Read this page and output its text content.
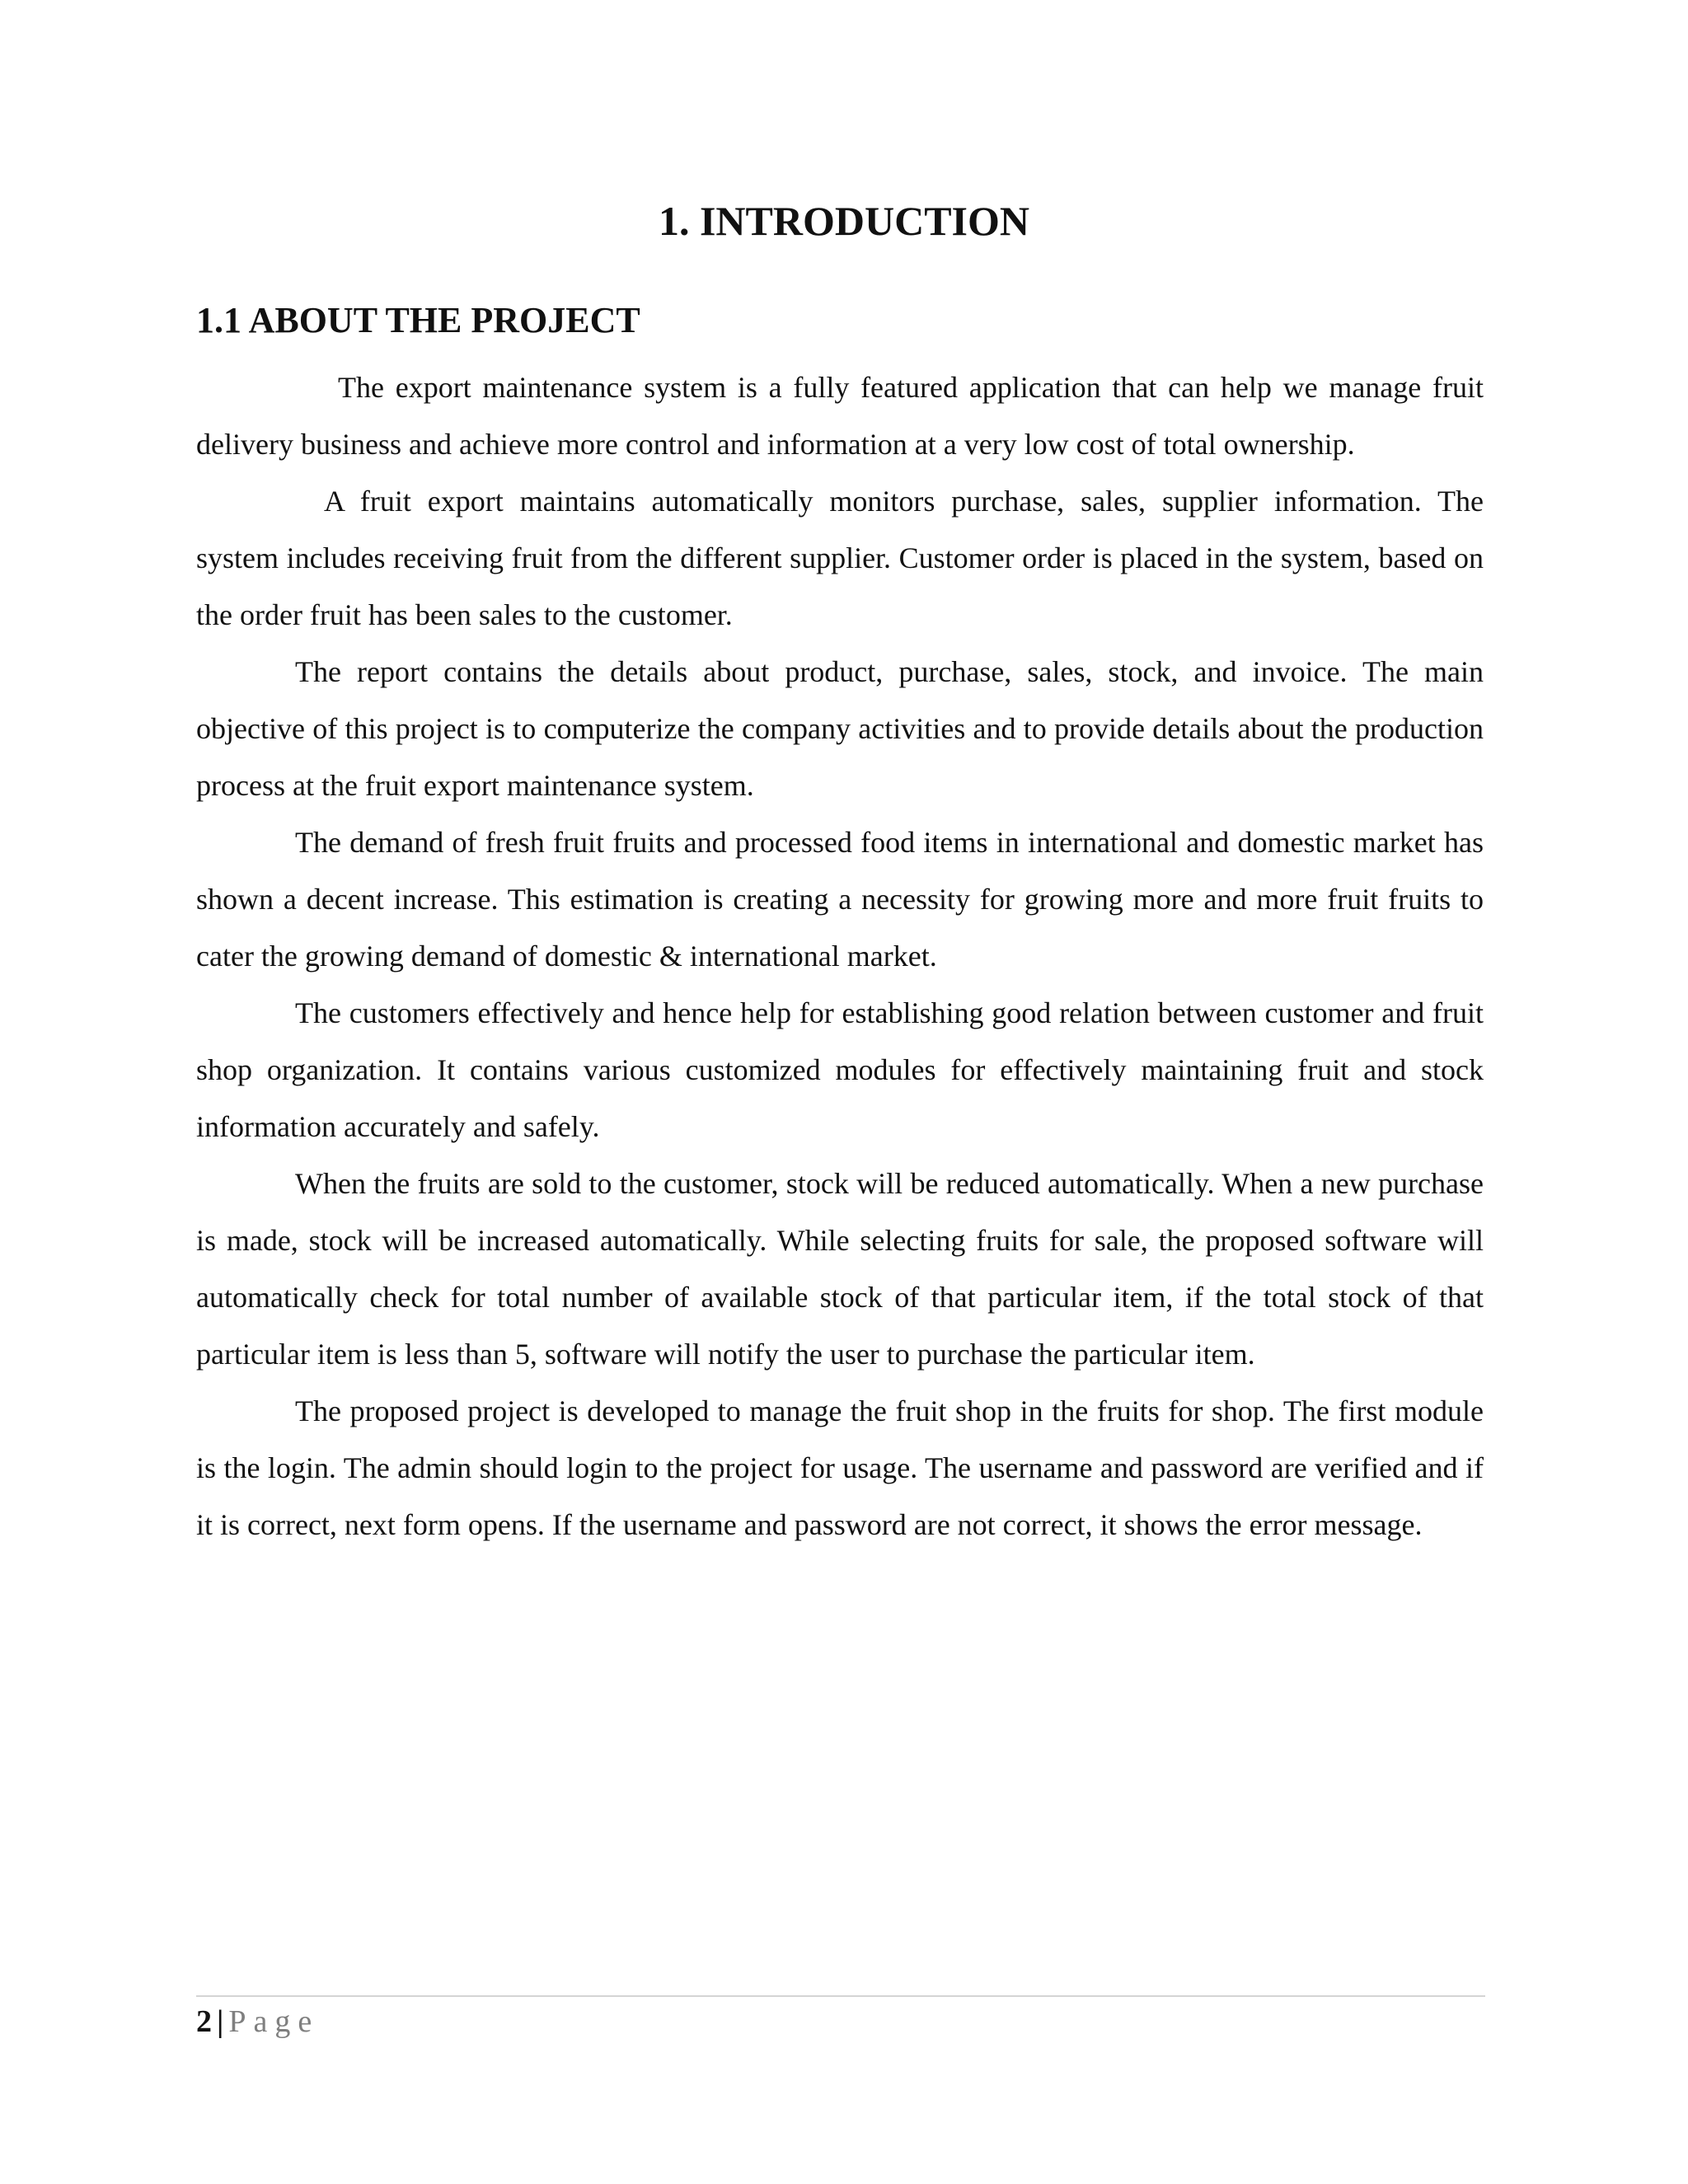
1. INTRODUCTION
1.1 ABOUT THE PROJECT

The export maintenance system is a fully featured application that can help we manage fruit delivery business and achieve more control and information at a very low cost of total ownership.

A fruit export maintains automatically monitors purchase, sales, supplier information. The system includes receiving fruit from the different supplier. Customer order is placed in the system, based on the order fruit has been sales to the customer.

The report contains the details about product, purchase, sales, stock, and invoice. The main objective of this project is to computerize the company activities and to provide details about the production process at the fruit export maintenance system.

The demand of fresh fruit fruits and processed food items in international and domestic market has shown a decent increase. This estimation is creating a necessity for growing more and more fruit fruits to cater the growing demand of domestic & international market.

The customers effectively and hence help for establishing good relation between customer and fruit shop organization. It contains various customized modules for effectively maintaining fruit and stock information accurately and safely.

When the fruits are sold to the customer, stock will be reduced automatically. When a new purchase is made, stock will be increased automatically. While selecting fruits for sale, the proposed software will automatically check for total number of available stock of that particular item, if the total stock of that particular item is less than 5, software will notify the user to purchase the particular item.

The proposed project is developed to manage the fruit shop in the fruits for shop. The first module is the login. The admin should login to the project for usage. The username and password are verified and if it is correct, next form opens. If the username and password are not correct, it shows the error message.

2 | Page
